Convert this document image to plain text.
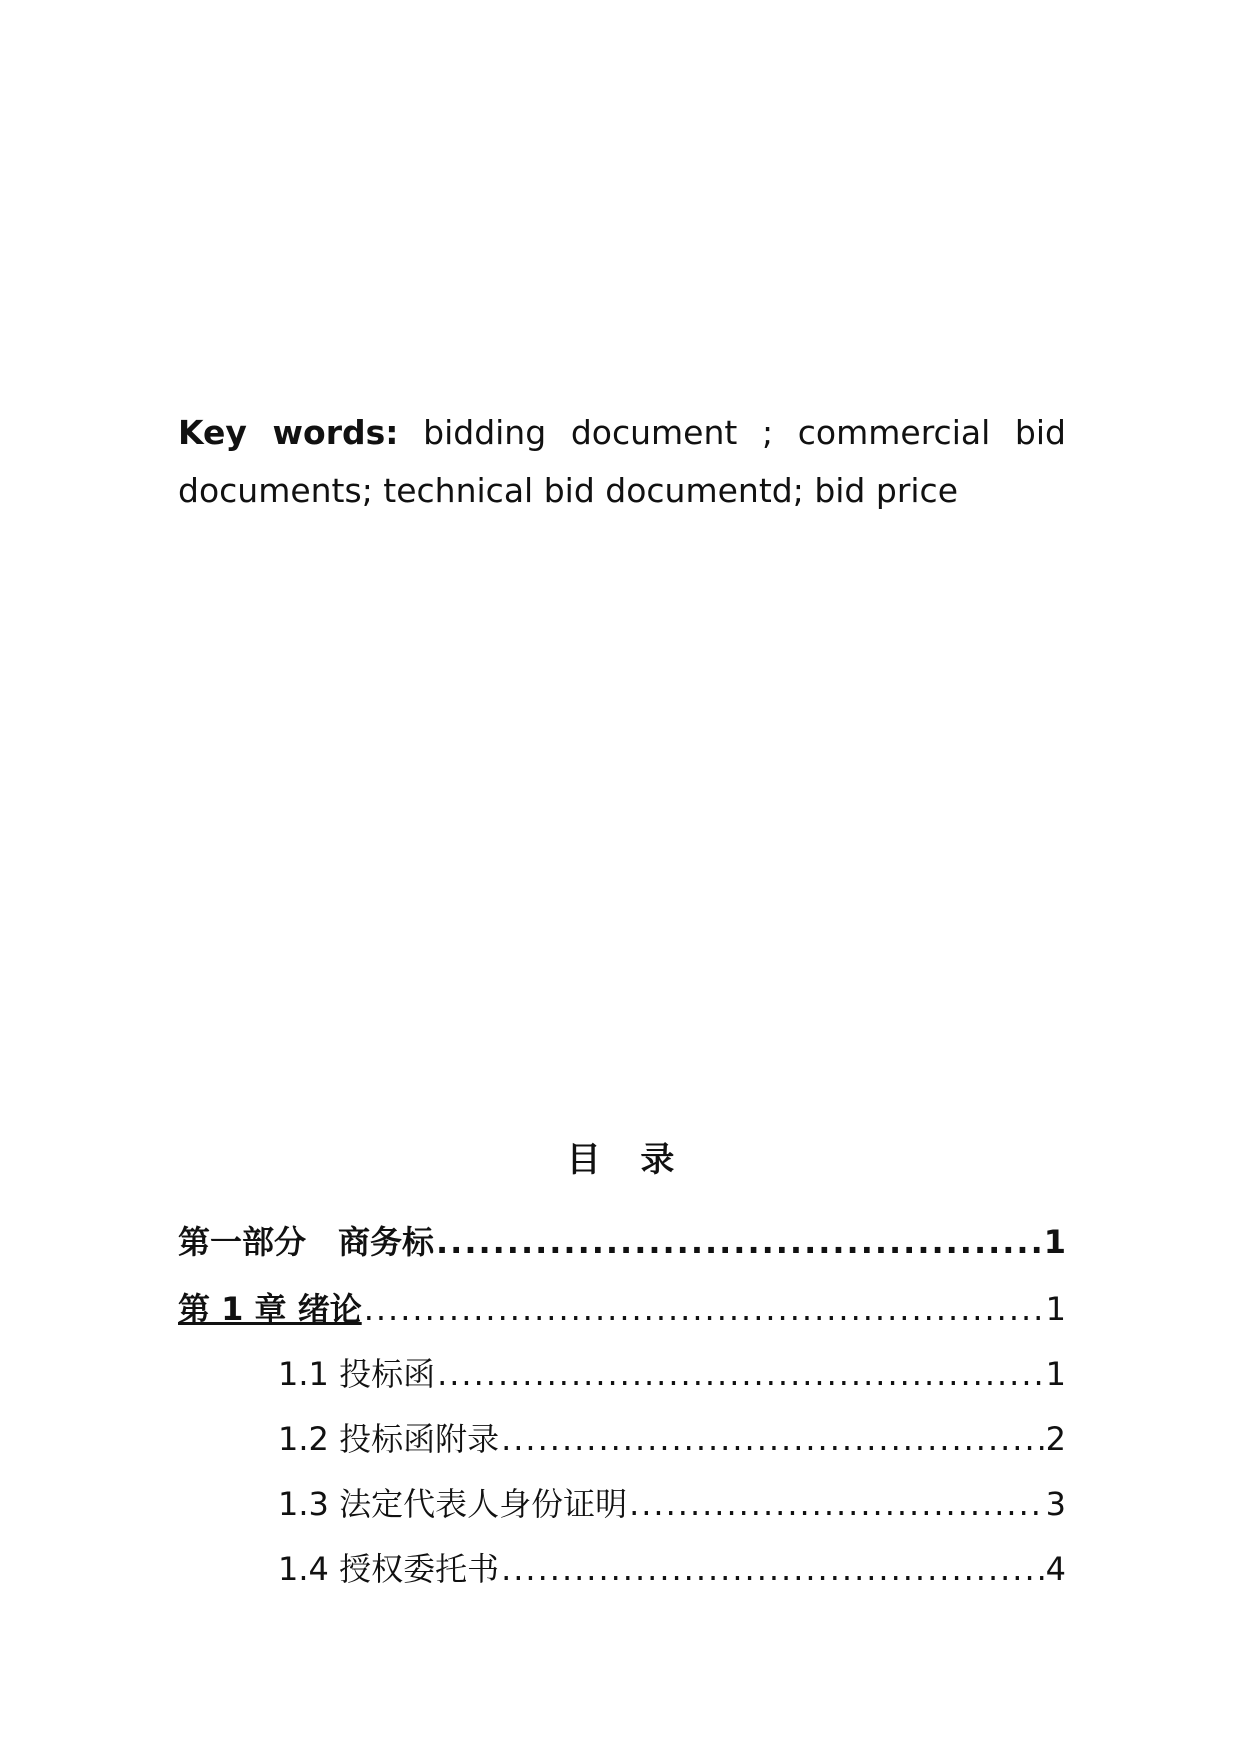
Key words: bidding document ; commercial bid documents; technical bid documentd; bid price
目 录
第一部分　商务标 .....	1
第 1 章 绪论 .....	1
1.1 投标函 .....	1
1.2 投标函附录 .....	2
1.3 法定代表人身份证明 .....	3
1.4 授权委托书 .....	4
